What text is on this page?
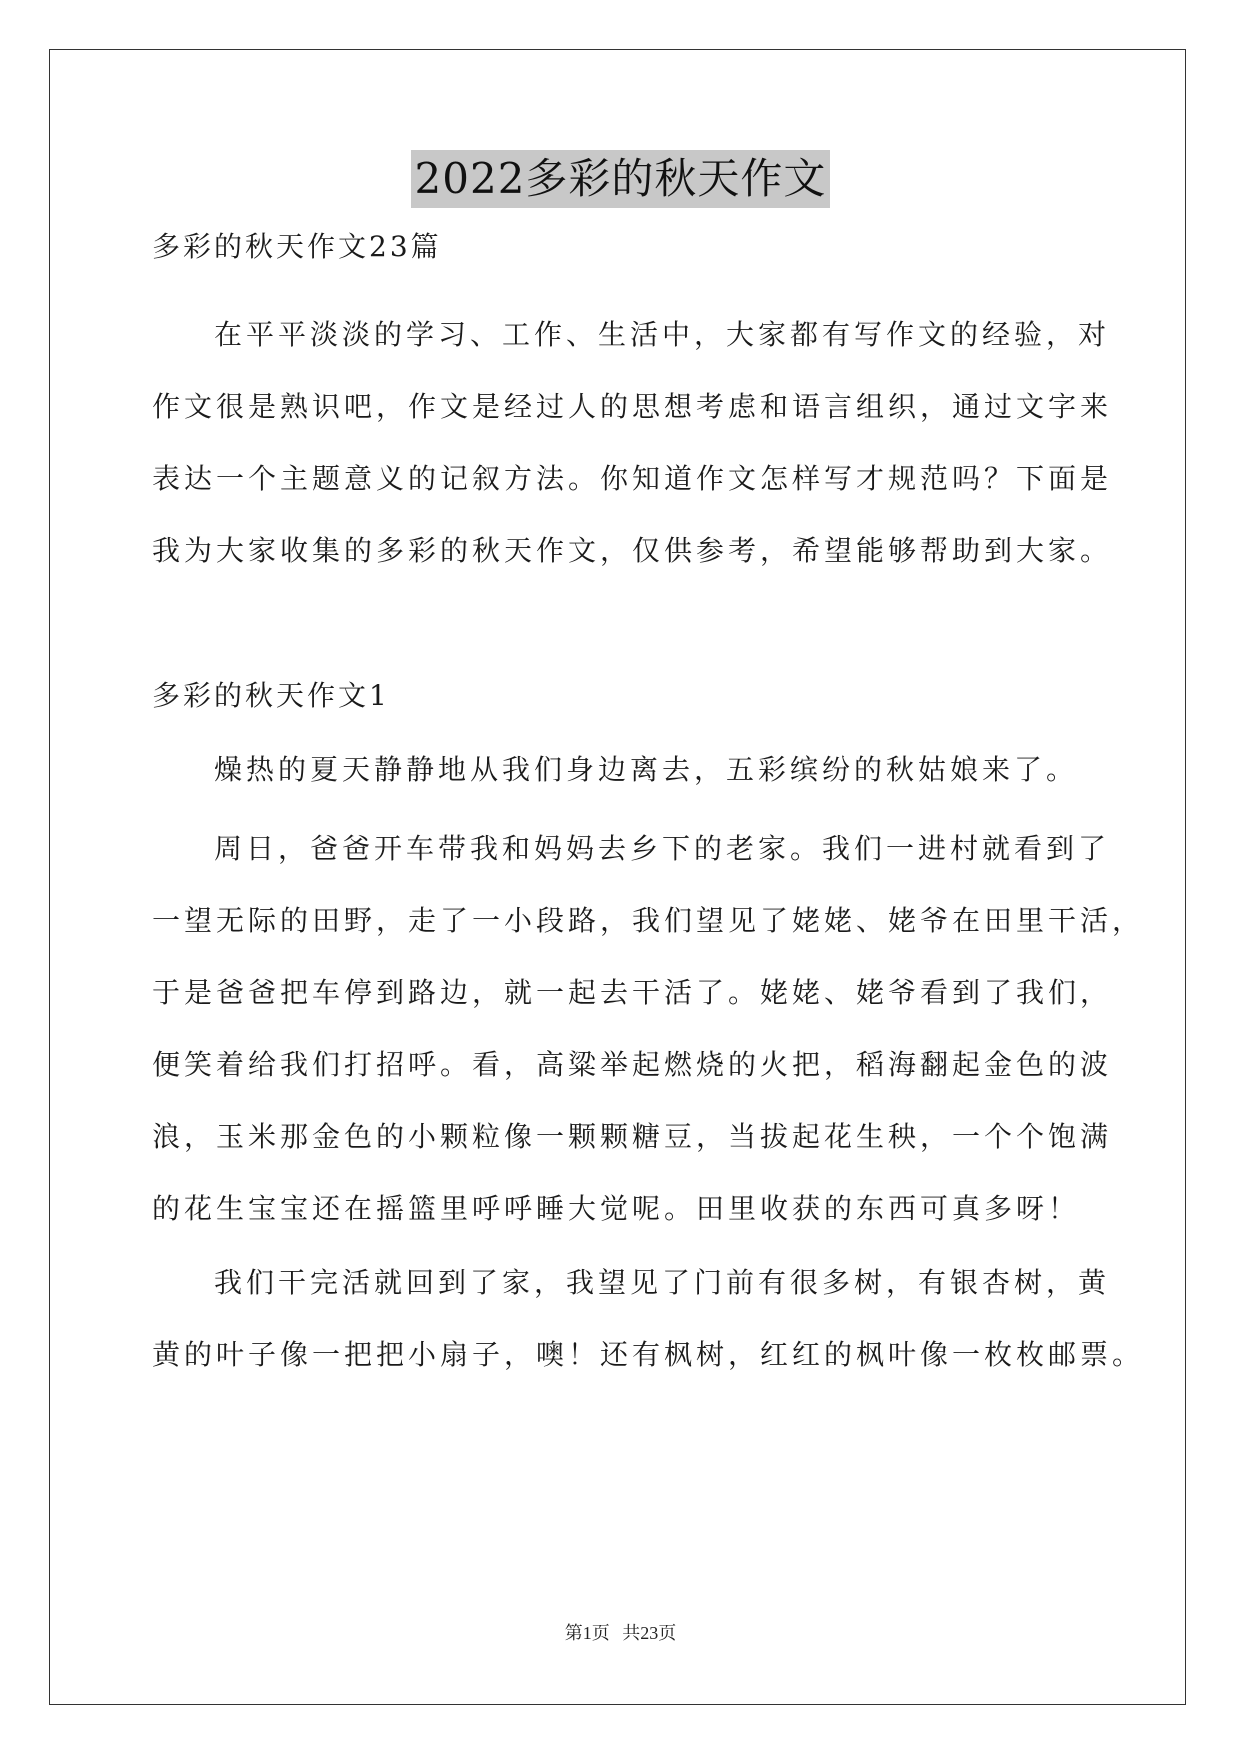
2022多彩的秋天作文

多彩的秋天作文23篇

在平平淡淡的学习、工作、生活中，大家都有写作文的经验，对

作文很是熟识吧，作文是经过人的思想考虑和语言组织，通过文字来

表达一个主题意义的记叙方法。你知道作文怎样写才规范吗？下面是

我为大家收集的多彩的秋天作文，仅供参考，希望能够帮助到大家。

多彩的秋天作文1

燥热的夏天静静地从我们身边离去，五彩缤纷的秋姑娘来了。

周日，爸爸开车带我和妈妈去乡下的老家。我们一进村就看到了

一望无际的田野，走了一小段路，我们望见了姥姥、姥爷在田里干活，

于是爸爸把车停到路边，就一起去干活了。姥姥、姥爷看到了我们，

便笑着给我们打招呼。看，高粱举起燃烧的火把，稻海翻起金色的波

浪，玉米那金色的小颗粒像一颗颗糖豆，当拔起花生秧，一个个饱满

的花生宝宝还在摇篮里呼呼睡大觉呢。田里收获的东西可真多呀！

我们干完活就回到了家，我望见了门前有很多树，有银杏树，黄

黄的叶子像一把把小扇子，噢！还有枫树，红红的枫叶像一枚枚邮票。

第1页 共23页
